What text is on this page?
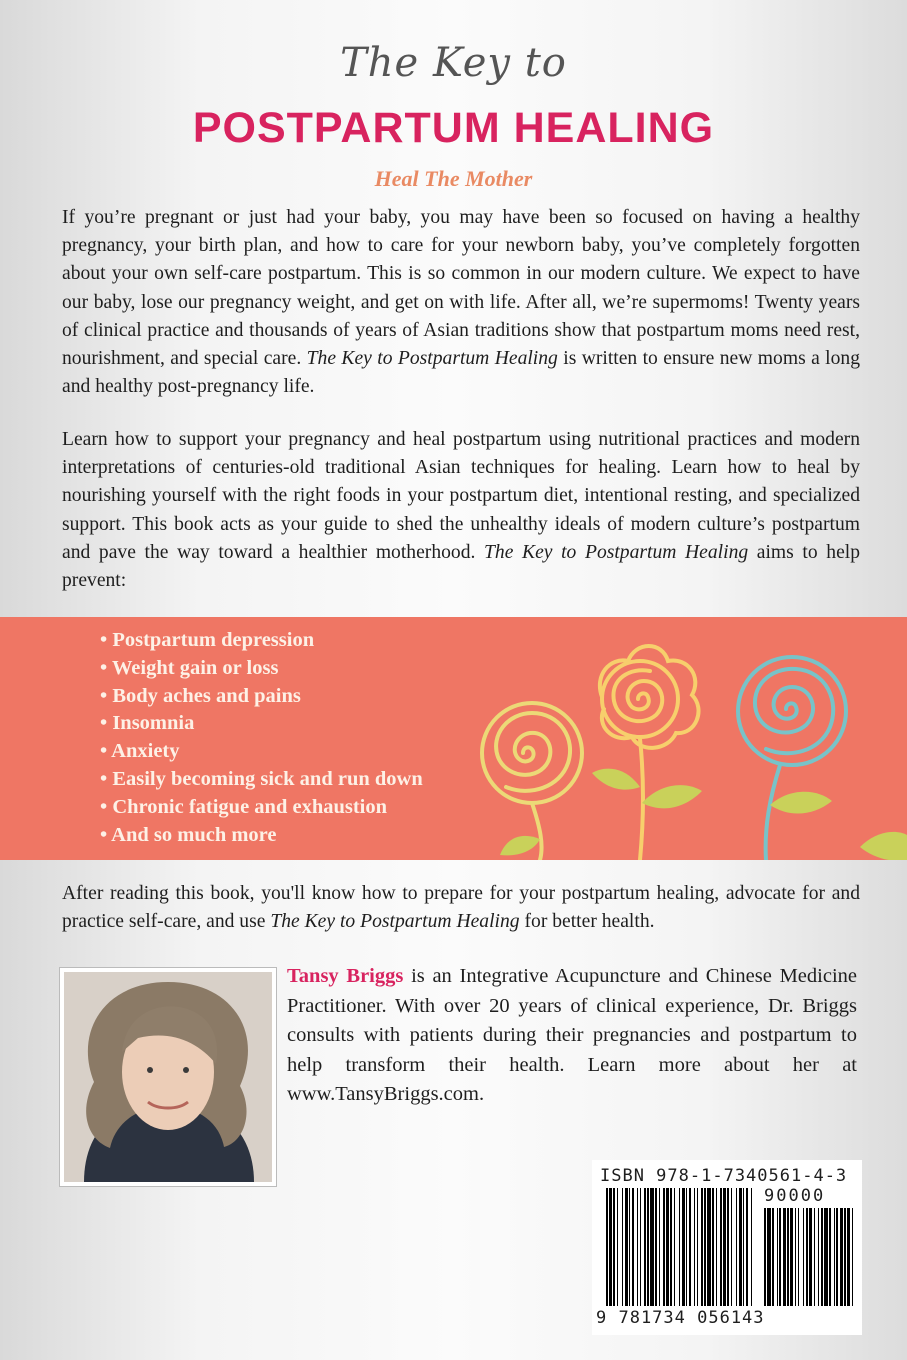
The Key to
POSTPARTUM HEALING
Heal The Mother
If you’re pregnant or just had your baby, you may have been so focused on having a healthy pregnancy, your birth plan, and how to care for your newborn baby, you’ve completely forgotten about your own self-care postpartum. This is so common in our modern culture. We expect to have our baby, lose our pregnancy weight, and get on with life. After all, we’re supermoms! Twenty years of clinical practice and thousands of years of Asian traditions show that postpartum moms need rest, nourishment, and special care. The Key to Postpartum Healing is written to ensure new moms a long and healthy post-pregnancy life.
Learn how to support your pregnancy and heal postpartum using nutritional practices and modern interpretations of centuries-old traditional Asian techniques for healing. Learn how to heal by nourishing yourself with the right foods in your postpartum diet, intentional resting, and specialized support. This book acts as your guide to shed the unhealthy ideals of modern culture’s postpartum and pave the way toward a healthier motherhood. The Key to Postpartum Healing aims to help prevent:
• Postpartum depression
• Weight gain or loss
• Body aches and pains
• Insomnia
• Anxiety
• Easily becoming sick and run down
• Chronic fatigue and exhaustion
• And so much more
After reading this book, you'll know how to prepare for your postpartum healing, advocate for and practice self-care, and use The Key to Postpartum Healing for better health.
Tansy Briggs is an Integrative Acupuncture and Chinese Medicine Practitioner. With over 20 years of clinical experience, Dr. Briggs consults with patients during their pregnancies and postpartum to help transform their health. Learn more about her at www.TansyBriggs.com.
ISBN 978-1-7340561-4-3
90000
9 781734 056143
